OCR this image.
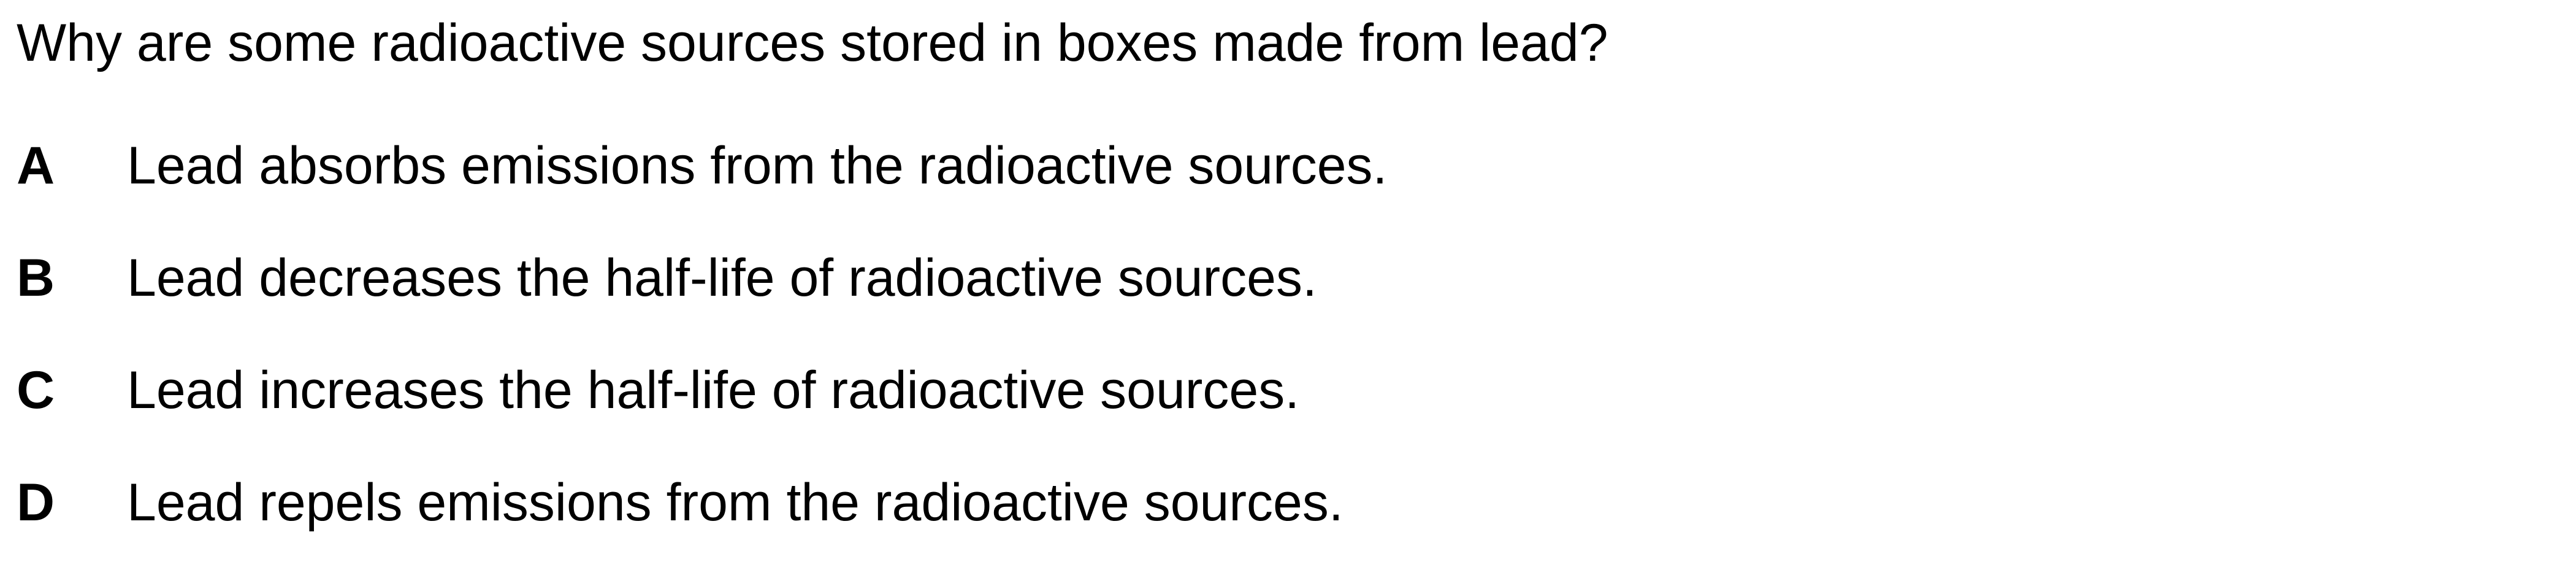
Why are some radioactive sources stored in boxes made from lead?
A	Lead absorbs emissions from the radioactive sources.
B	Lead decreases the half-life of radioactive sources.
C	Lead increases the half-life of radioactive sources.
D	Lead repels emissions from the radioactive sources.
